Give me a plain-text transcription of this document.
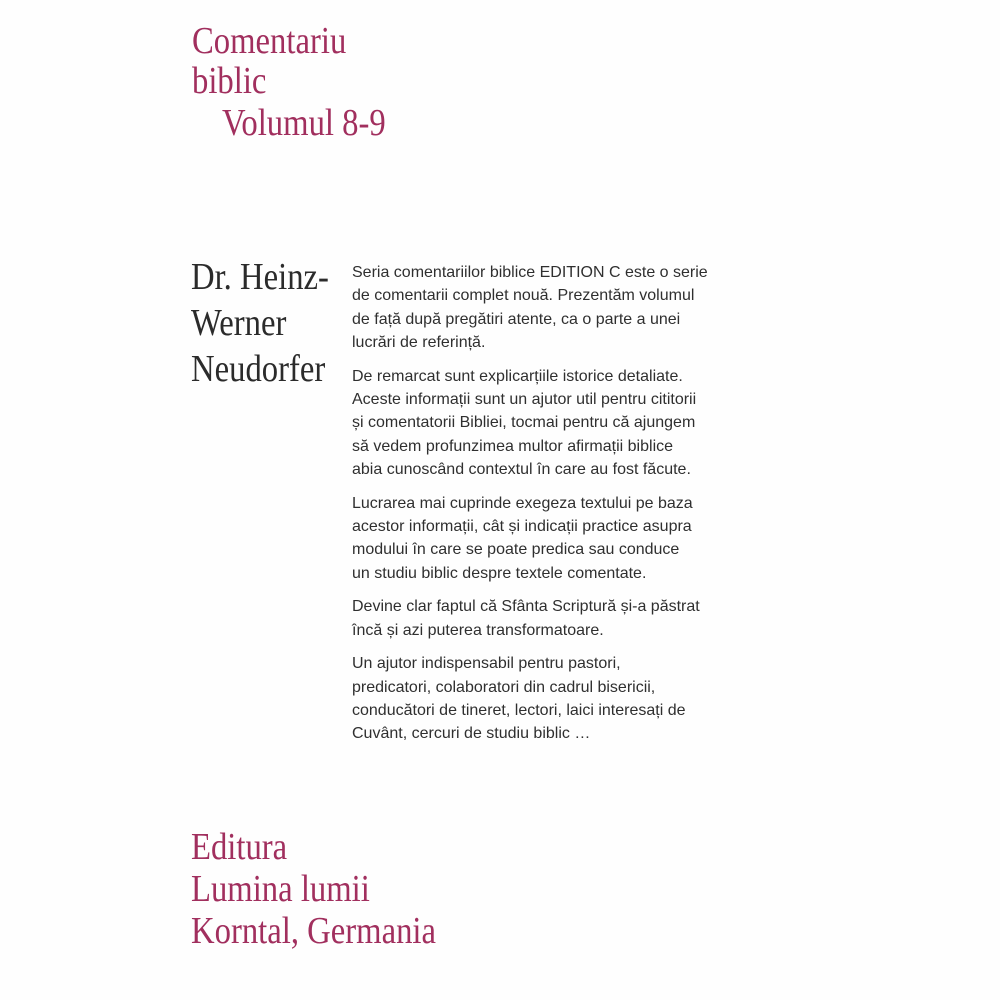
Comentariu
biblic
Volumul 8-9
Dr. Heinz-
Werner
Neudorfer

Seria comentariilor biblice EDITION C este o serie
de comentarii complet nouă. Prezentăm volumul
de față după pregătiri atente, ca o parte a unei
lucrări de referință.

De remarcat sunt explicarțiile istorice detaliate.
Aceste informații sunt un ajutor util pentru cititorii
și comentatorii Bibliei, tocmai pentru că ajungem
să vedem profunzimea multor afirmații biblice
abia cunoscând contextul în care au fost făcute.

Lucrarea mai cuprinde exegeza textului pe baza
acestor informații, cât și indicații practice asupra
modului în care se poate predica sau conduce
un studiu biblic despre textele comentate.

Devine clar faptul că Sfânta Scriptură și-a păstrat
încă și azi puterea transformatoare.

Un ajutor indispensabil pentru pastori,
predicatori, colaboratori din cadrul bisericii,
conducători de tineret, lectori, laici interesați de
Cuvânt, cercuri de studiu biblic …

Editura
Lumina lumii
Korntal, Germania
